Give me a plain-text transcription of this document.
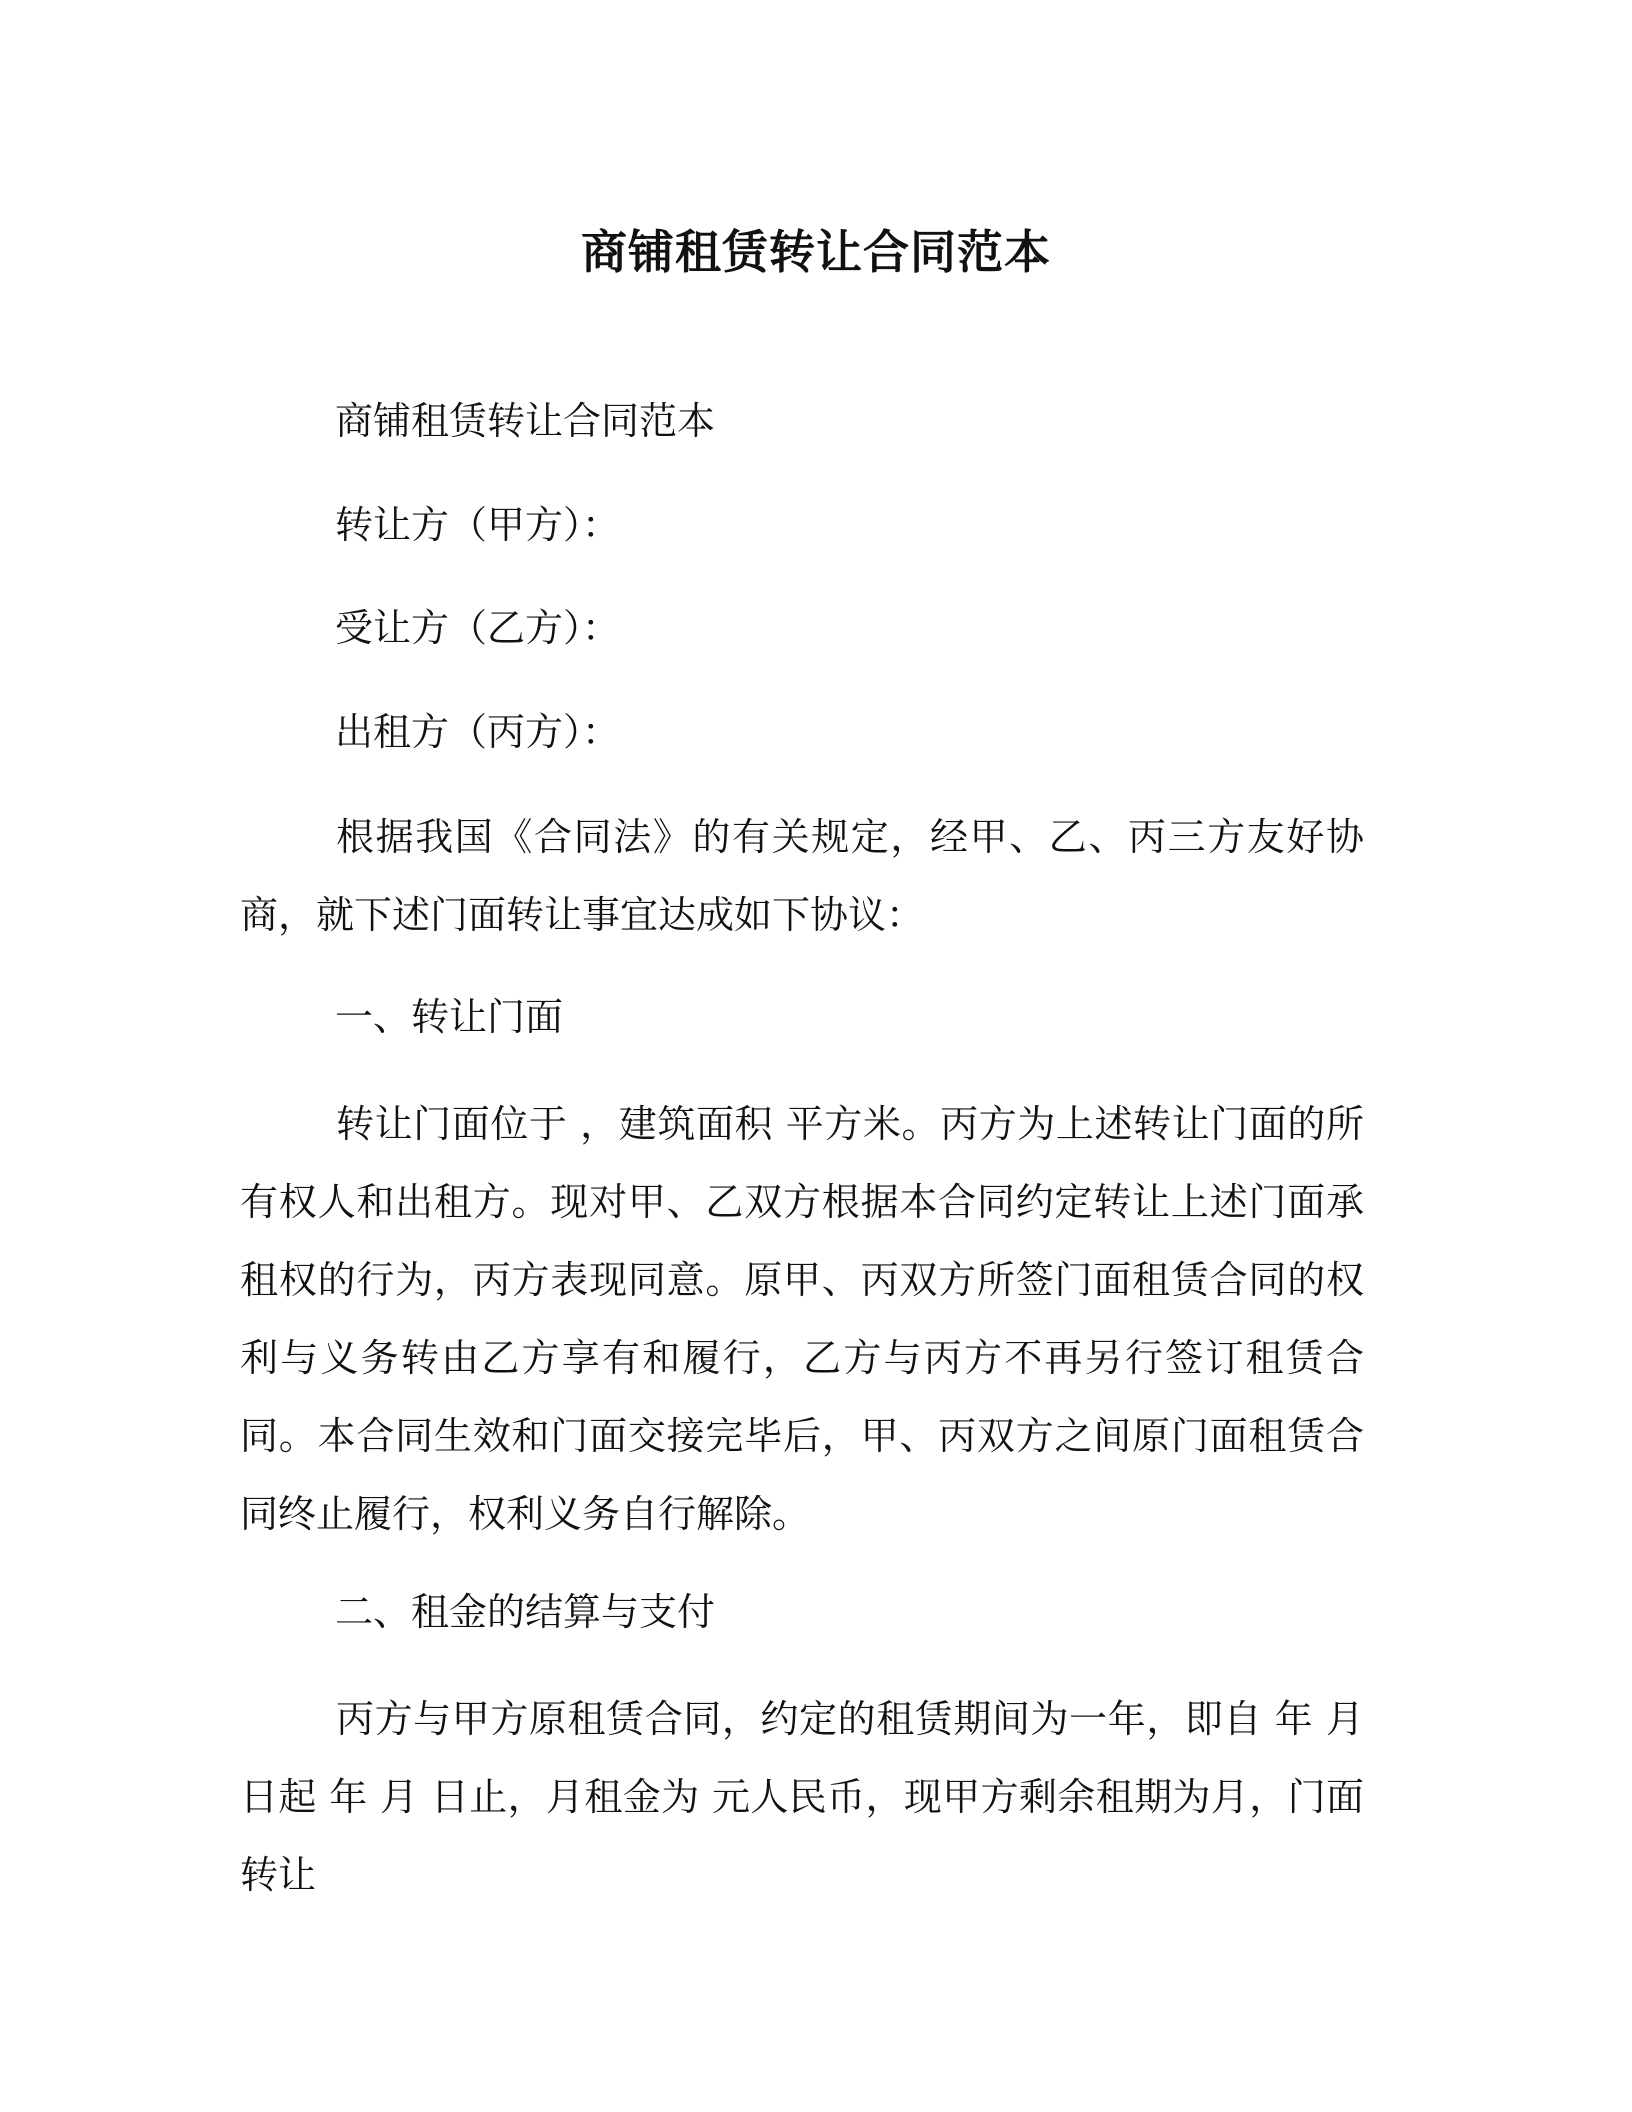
商铺租赁转让合同范本
商铺租赁转让合同范本
转让方（甲方）：
受让方（乙方）：
出租方（丙方）：
根据我国《合同法》的有关规定，经甲、乙、丙三方友好协商，就下述门面转让事宜达成如下协议：
一、转让门面
转让门面位于 ，建筑面积 平方米。丙方为上述转让门面的所有权人和出租方。现对甲、乙双方根据本合同约定转让上述门面承租权的行为，丙方表现同意。原甲、丙双方所签门面租赁合同的权利与义务转由乙方享有和履行，乙方与丙方不再另行签订租赁合同。本合同生效和门面交接完毕后，甲、丙双方之间原门面租赁合同终止履行，权利义务自行解除。
二、租金的结算与支付
丙方与甲方原租赁合同，约定的租赁期间为一年，即自 年 月 日起 年 月 日止，月租金为 元人民币，现甲方剩余租期为月，门面转让
